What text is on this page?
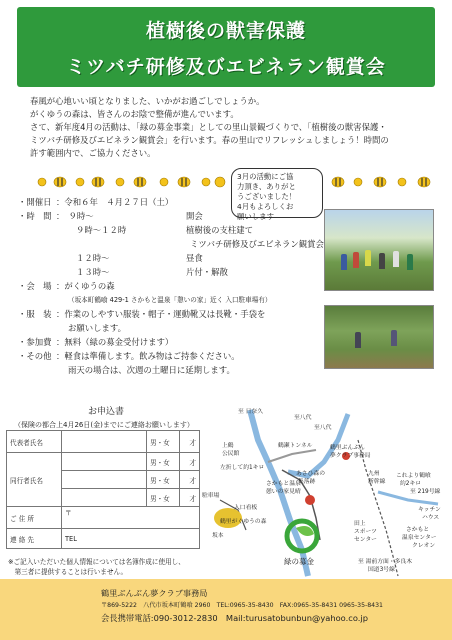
植樹後の獣害保護
ミツバチ研修及びエビネラン観賞会

春風が心地いい頃となりました、いかがお過ごしでしょうか。

がくゆうの森は、皆さんのお陰で整備が進んでいます。

さて、新年度4月の活動は、「緑の募金事業」としての里山景観づくりで、「植樹後の獣害保護・

ミツバチ研修及びエビネラン観賞会」を行います。春の里山でリフレッシュしましょう！時間の

許す範囲内で、ご協力ください。

3月の活動にご協

力頂き、ありがと

うございました！

4月もよろしくお

願いします

・開催日 ：令和６年　４月２７日（土）
・時　間 ：　９時～	開会
９時～１２時	植樹後の支柱建て
ミツバチ研修及びエビネラン観賞会
１２時～	昼食
１３時～	片付・解散
・会　場 ：がくゆうの森
（坂本町鶴喰 429-1 さかもと温泉「憩いの家」近く 入口駐車場有）
・服　装 ：作業のしやすい服装・帽子・運動靴又は長靴・手袋を
お願いします。
・参加費 ：無料（緑の募金受付けます）
・その他 ：軽食は準備します。飲み物はご持参ください。
雨天の場合は、次週の土曜日に延期します。
お申込書
（保険の都合上4月26日(金)までにご連絡お願いします）
代表者氏名		男・女	才
同行者氏名		男・女	才
		男・女	才
		男・女	才
ご 住 所	〒		
連 絡 先	TEL		

※ご記入いただいた個人情報については名簿作成に使用し、

　第三者に提供することは行いません。

至 日奈久
至八代
至八代
上鶴
公民館
鶴瀬トンネル
左折して約1キロ
駐車場
さかもと温泉
憩いの家見晴
あさひ森の
集落跡
入口看板
鶴里がくゆうの森
坂本
鶴里ぶんぶん
夢クラブ事務局
九州
新幹線
これより鶴喰
約2キロ
至 219号線
キッチン
ハウス
田上
スポーツ
センター
さかもと
温泉センター
クレオン
至 湯前方面・多良木
国道3号線
緑の募金
鶴里ぶんぶん夢クラブ事務局
〒869-5222　八代市坂本町鶴喰 2960　TEL:0965-35-8430　FAX:0965-35-8431 0965-35-8431
会長携帯電話:090-3012-2830　Mail:turusatobunbun@yahoo.co.jp
